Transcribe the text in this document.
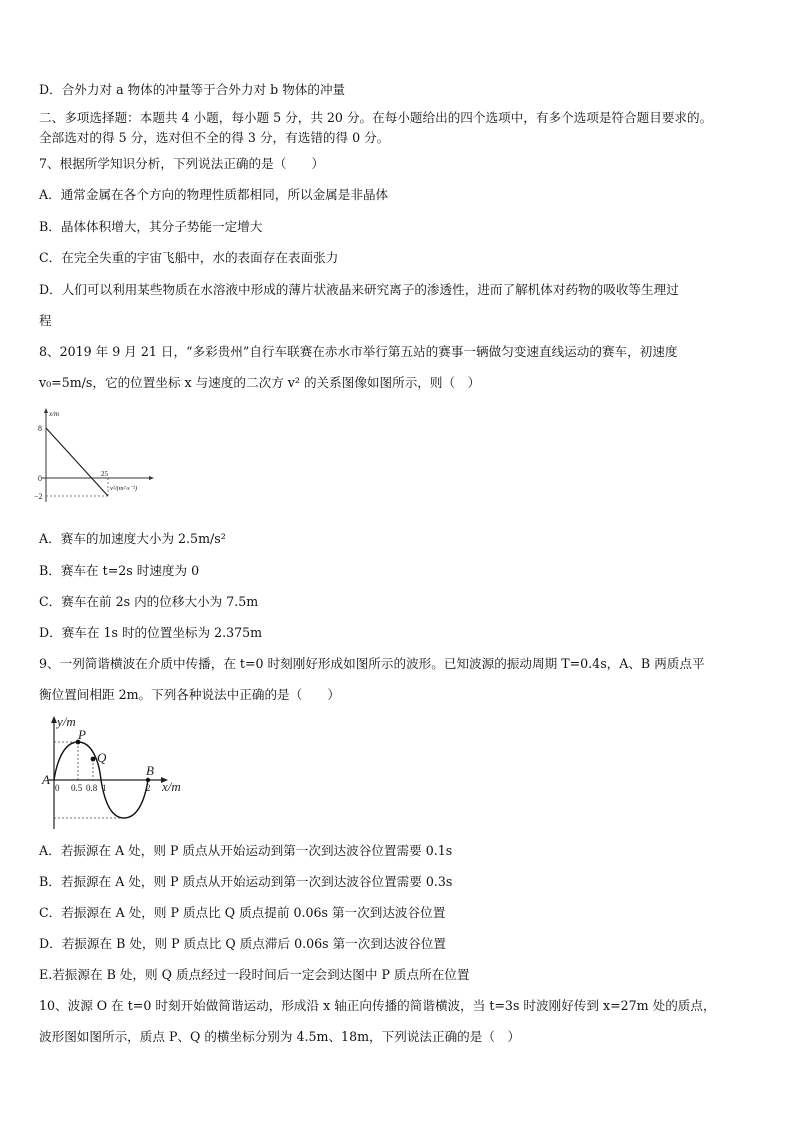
D．合外力对 a 物体的冲量等于合外力对 b 物体的冲量
二、多项选择题：本题共 4 小题，每小题 5 分，共 20 分。在每小题给出的四个选项中，有多个选项是符合题目要求的。
全部选对的得 5 分，选对但不全的得 3 分，有选错的得 0 分。
7、根据所学知识分析，下列说法正确的是（　　）
A．通常金属在各个方向的物理性质都相同，所以金属是非晶体
B．晶体体积增大，其分子势能一定增大
C．在完全失重的宇宙飞船中，水的表面存在表面张力
D．人们可以利用某些物质在水溶液中形成的薄片状液晶来研究离子的渗透性，进而了解机体对药物的吸收等生理过
程
8、2019 年 9 月 21 日，“多彩贵州”自行车联赛在赤水市举行第五站的赛事一辆做匀变速直线运动的赛车，初速度
v₀=5m/s，它的位置坐标 x 与速度的二次方 v² 的关系图像如图所示，则（　）
x/m
8
0
−2
25
v²/(m²·s⁻²)
A．赛车的加速度大小为 2.5m/s²
B．赛车在 t=2s 时速度为 0
C．赛车在前 2s 内的位移大小为 7.5m
D．赛车在 1s 时的位置坐标为 2.375m
9、一列简谐横波在介质中传播，在 t=0 时刻刚好形成如图所示的波形。已知波源的振动周期 T=0.4s，A、B 两质点平
衡位置间相距 2m。下列各种说法中正确的是（　　）
y/m
x/m
A
P
Q
B
0 0.5 0.8 1	2
A．若振源在 A 处，则 P 质点从开始运动到第一次到达波谷位置需要 0.1s
B．若振源在 A 处，则 P 质点从开始运动到第一次到达波谷位置需要 0.3s
C．若振源在 A 处，则 P 质点比 Q 质点提前 0.06s 第一次到达波谷位置
D．若振源在 B 处，则 P 质点比 Q 质点滞后 0.06s 第一次到达波谷位置
E.若振源在 B 处，则 Q 质点经过一段时间后一定会到达图中 P 质点所在位置
10、波源 O 在 t=0 时刻开始做简谐运动，形成沿 x 轴正向传播的简谐横波，当 t=3s 时波刚好传到 x=27m 处的质点，
波形图如图所示，质点 P、Q 的横坐标分别为 4.5m、18m，下列说法正确的是（　）
